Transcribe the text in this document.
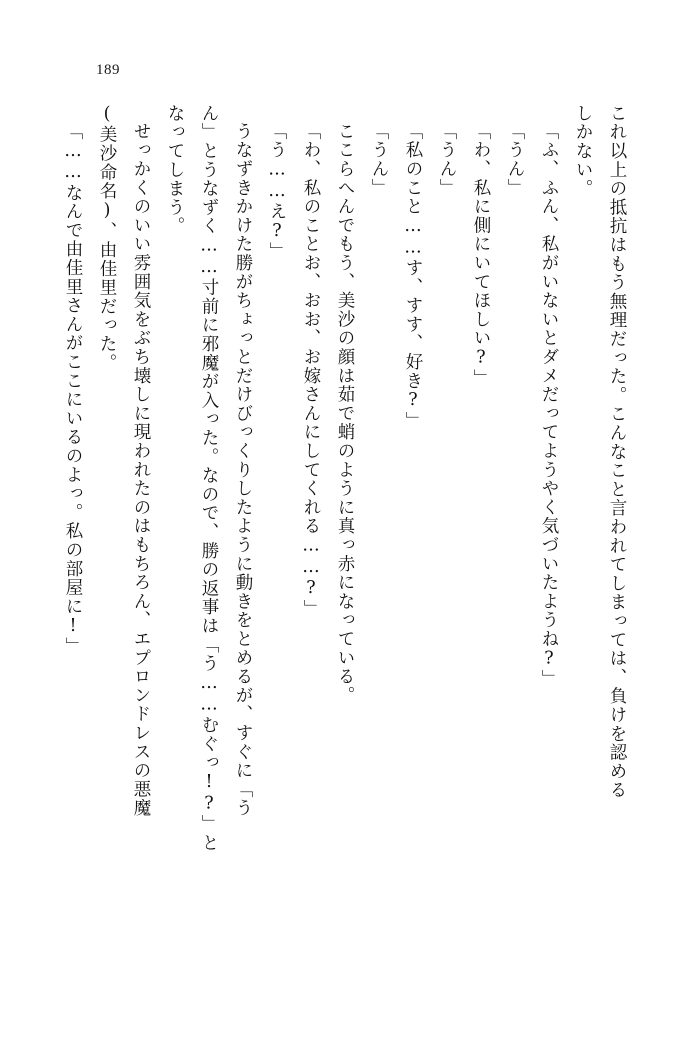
189
これ以上の抵抗はもう無理だった。こんなこと言われてしまっては、負けを認める
しかない。
「ふ、ふん、私がいないとダメだってようやく気づいたようね?」
「うん」
「わ、私に側にいてほしい?」
「うん」
「私のこと……す、すす、好き?」
「うん」
ここらへんでもう、美沙の顔は茹で蛸のように真っ赤になっている。
「わ、私のことお、おお、お嫁さんにしてくれる……?」
「う……え?」
うなずきかけた勝がちょっとだけびっくりしたように動きをとめるが、すぐに「う
ん」とうなずく……寸前に邪魔が入った。なので、勝の返事は「う……むぐっ!?」と
なってしまう。
せっかくのいい雰囲気をぶち壊しに現われたのはもちろん、エプロンドレスの悪魔
(美沙命名)、由佳里だった。
「……なんで由佳里さんがここにいるのよっ。私の部屋に!」
